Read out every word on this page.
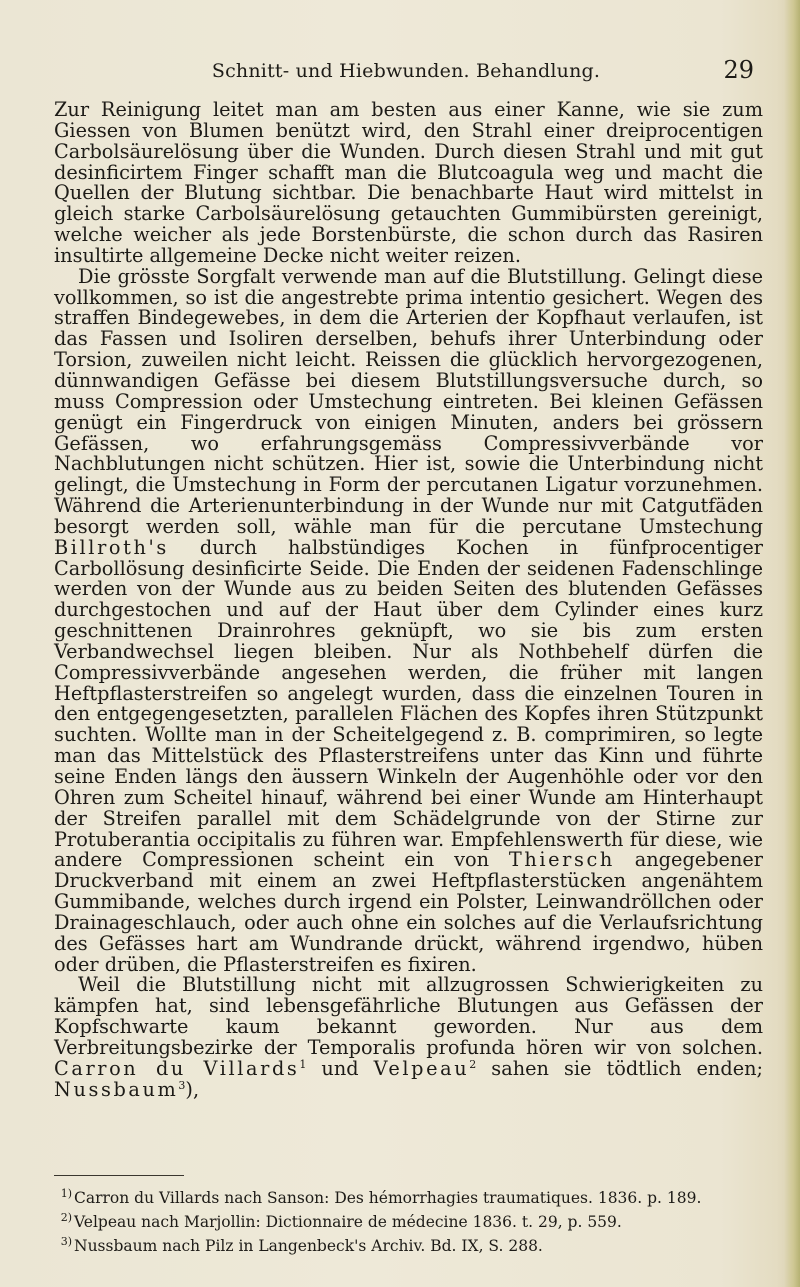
Schnitt- und Hiebwunden. Behandlung.	29

Zur Reinigung leitet man am besten aus einer Kanne, wie sie zum Giessen von Blumen benützt wird, den Strahl einer dreiprocentigen Carbolsäurelösung über die Wunden. Durch diesen Strahl und mit gut desinficirtem Finger schafft man die Blutcoagula weg und macht die Quellen der Blutung sichtbar. Die benachbarte Haut wird mittelst in gleich starke Carbolsäurelösung getauchten Gummibürsten gereinigt, welche weicher als jede Borstenbürste, die schon durch das Rasiren insultirte allgemeine Decke nicht weiter reizen.

Die grösste Sorgfalt verwende man auf die Blutstillung. Gelingt diese vollkommen, so ist die angestrebte prima intentio gesichert. Wegen des straffen Bindegewebes, in dem die Arterien der Kopfhaut verlaufen, ist das Fassen und Isoliren derselben, behufs ihrer Unterbindung oder Torsion, zuweilen nicht leicht. Reissen die glücklich hervorgezogenen, dünnwandigen Gefässe bei diesem Blutstillungsversuche durch, so muss Compression oder Umstechung eintreten. Bei kleinen Gefässen genügt ein Fingerdruck von einigen Minuten, anders bei grössern Gefässen, wo erfahrungsgemäss Compressivverbände vor Nachblutungen nicht schützen. Hier ist, sowie die Unterbindung nicht gelingt, die Umstechung in Form der percutanen Ligatur vorzunehmen. Während die Arterienunterbindung in der Wunde nur mit Catgutfäden besorgt werden soll, wähle man für die percutane Umstechung Billroth's durch halbstündiges Kochen in fünfprocentiger Carbollösung desinficirte Seide. Die Enden der seidenen Fadenschlinge werden von der Wunde aus zu beiden Seiten des blutenden Gefässes durchgestochen und auf der Haut über dem Cylinder eines kurz geschnittenen Drainrohres geknüpft, wo sie bis zum ersten Verbandwechsel liegen bleiben. Nur als Nothbehelf dürfen die Compressivverbände angesehen werden, die früher mit langen Heftpflasterstreifen so angelegt wurden, dass die einzelnen Touren in den entgegengesetzten, parallelen Flächen des Kopfes ihren Stützpunkt suchten. Wollte man in der Scheitelgegend z. B. comprimiren, so legte man das Mittelstück des Pflasterstreifens unter das Kinn und führte seine Enden längs den äussern Winkeln der Augenhöhle oder vor den Ohren zum Scheitel hinauf, während bei einer Wunde am Hinterhaupt der Streifen parallel mit dem Schädelgrunde von der Stirne zur Protuberantia occipitalis zu führen war. Empfehlenswerth für diese, wie andere Compressionen scheint ein von Thiersch angegebener Druckverband mit einem an zwei Heftpflasterstücken angenähtem Gummibande, welches durch irgend ein Polster, Leinwandröllchen oder Drainageschlauch, oder auch ohne ein solches auf die Verlaufsrichtung des Gefässes hart am Wundrande drückt, während irgendwo, hüben oder drüben, die Pflasterstreifen es fixiren.

Weil die Blutstillung nicht mit allzugrossen Schwierigkeiten zu kämpfen hat, sind lebensgefährliche Blutungen aus Gefässen der Kopfschwarte kaum bekannt geworden. Nur aus dem Verbreitungsbezirke der Temporalis profunda hören wir von solchen. Carron du Villards$^1$ und Velpeau$^2$ sahen sie tödtlich enden; Nussbaum$^3$),

1) Carron du Villards nach Sanson: Des hémorrhagies traumatiques. 1836. p. 189.

2) Velpeau nach Marjollin: Dictionnaire de médecine 1836. t. 29, p. 559.

3) Nussbaum nach Pilz in Langenbeck's Archiv. Bd. IX, S. 288.
